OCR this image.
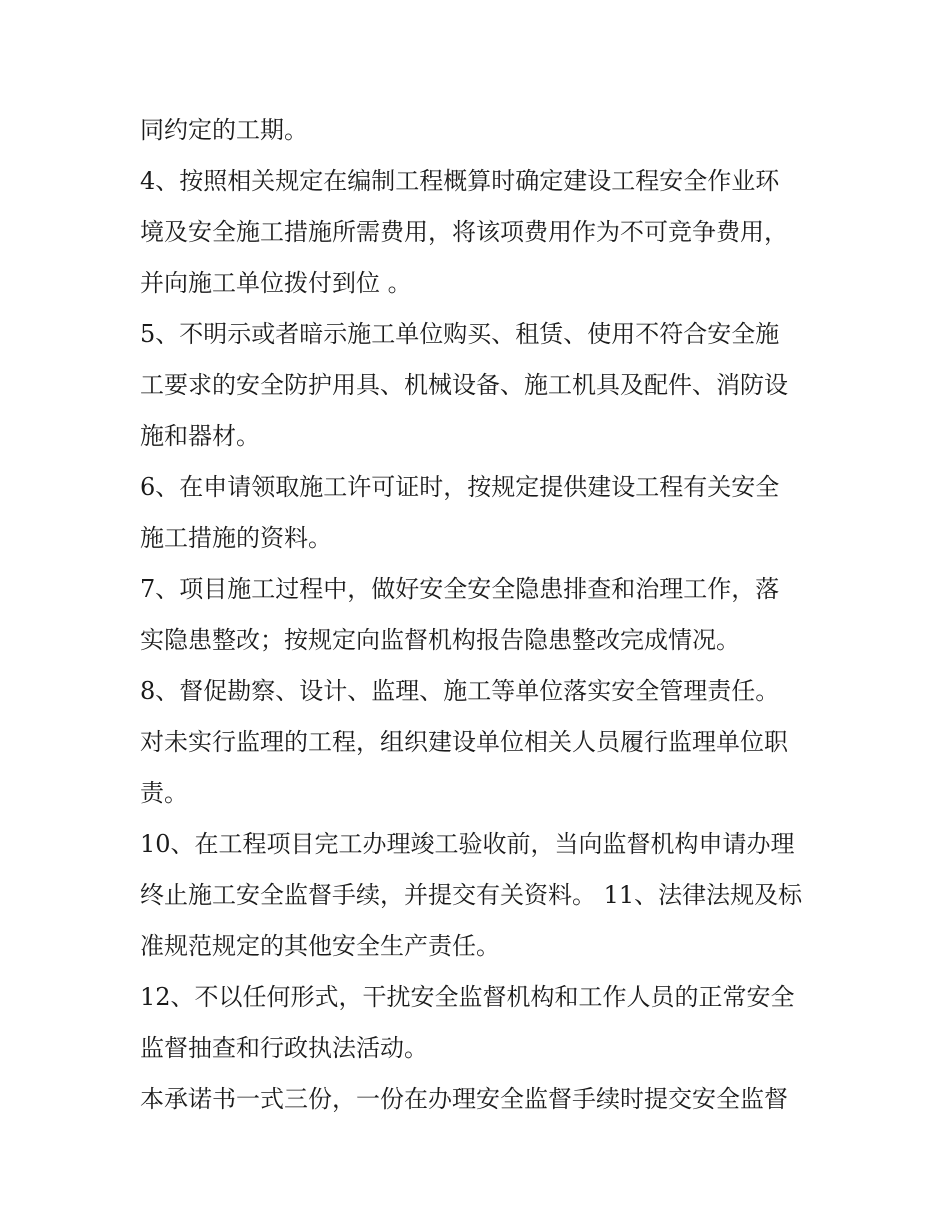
同约定的工期。
4、按照相关规定在编制工程概算时确定建设工程安全作业环
境及安全施工措施所需费用，将该项费用作为不可竞争费用，
并向施工单位拨付到位 。
5、不明示或者暗示施工单位购买、租赁、使用不符合安全施
工要求的安全防护用具、机械设备、施工机具及配件、消防设
施和器材。
6、在申请领取施工许可证时，按规定提供建设工程有关安全
施工措施的资料。
7、项目施工过程中，做好安全安全隐患排查和治理工作，落
实隐患整改；按规定向监督机构报告隐患整改完成情况。
8、督促勘察、设计、监理、施工等单位落实安全管理责任。
对未实行监理的工程，组织建设单位相关人员履行监理单位职
责。
10、在工程项目完工办理竣工验收前，当向监督机构申请办理
终止施工安全监督手续，并提交有关资料。 11、法律法规及标
准规范规定的其他安全生产责任。
12、不以任何形式，干扰安全监督机构和工作人员的正常安全
监督抽查和行政执法活动。
本承诺书一式三份，一份在办理安全监督手续时提交安全监督
